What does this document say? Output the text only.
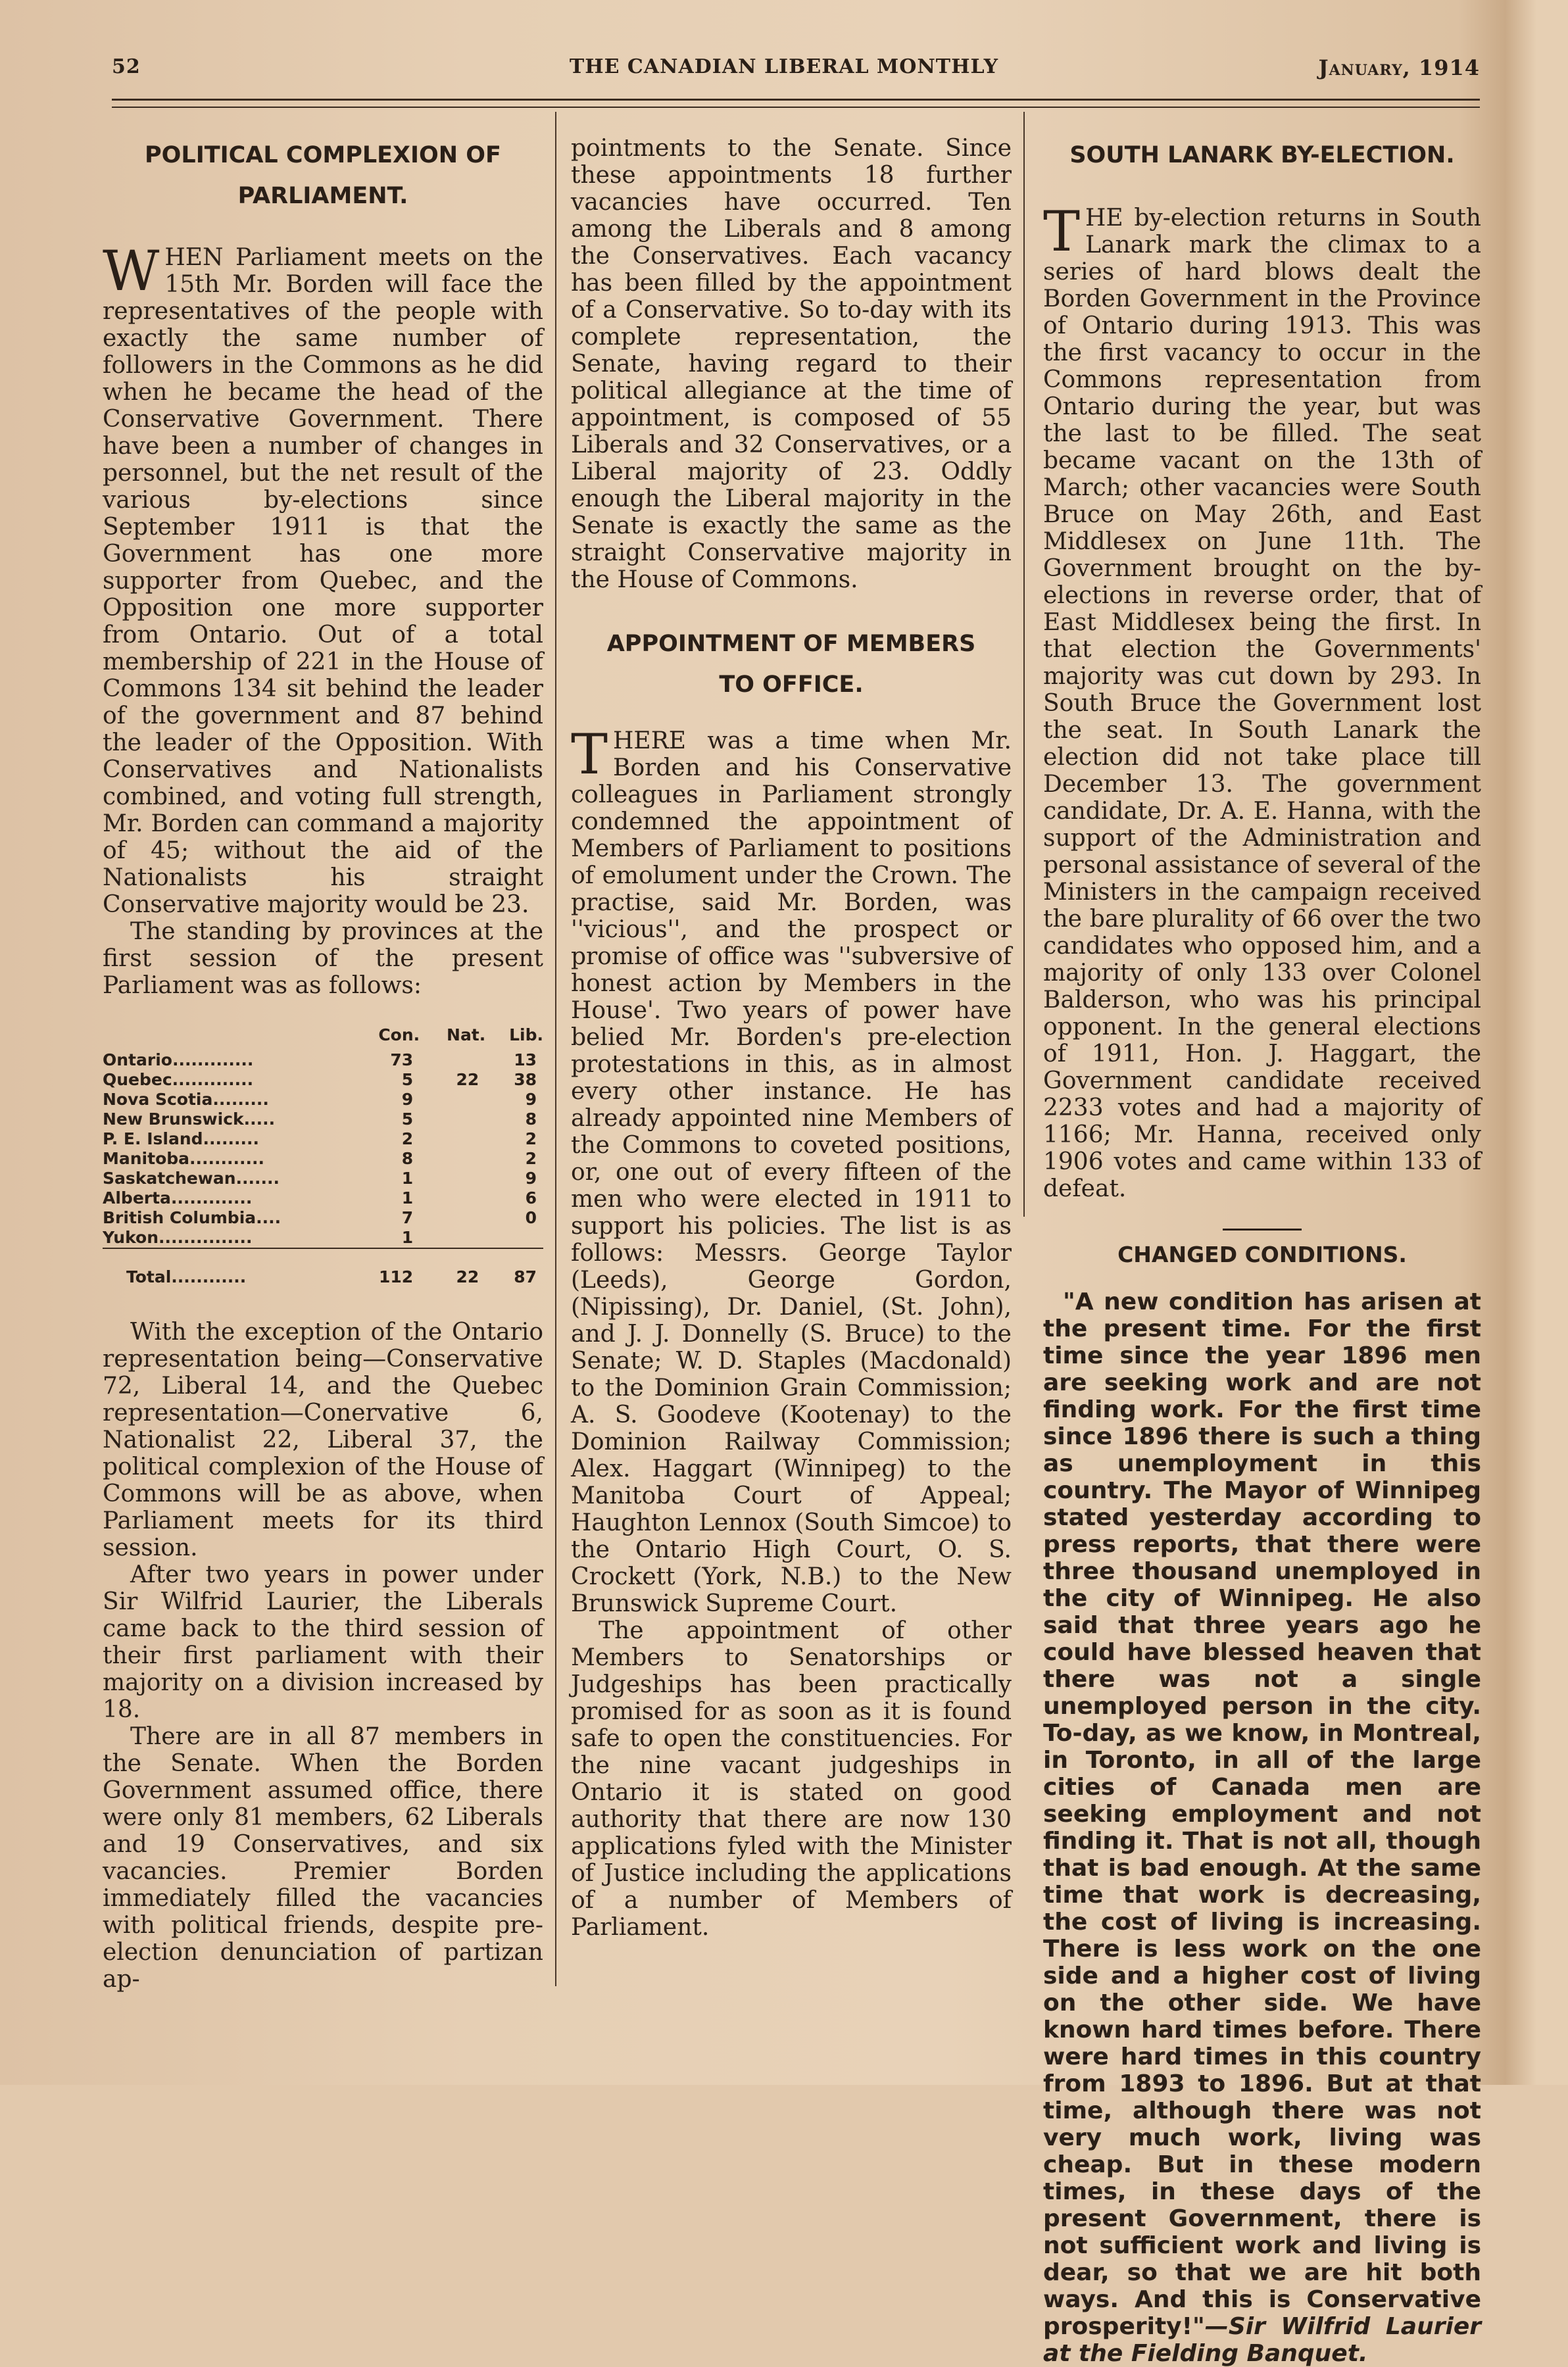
52	THE CANADIAN LIBERAL MONTHLY	January, 1914
POLITICAL COMPLEXION OF PARLIAMENT.

WHEN Parliament meets on the 15th Mr. Borden will face the representatives of the people with exactly the same number of followers in the Commons as he did when he became the head of the Conservative Government. There have been a number of changes in personnel, but the net result of the various by-elections since September 1911 is that the Government has one more supporter from Quebec, and the Opposition one more supporter from Ontario. Out of a total membership of 221 in the House of Commons 134 sit behind the leader of the government and 87 behind the leader of the Opposition. With Conservatives and Nationalists combined, and voting full strength, Mr. Borden can command a majority of 45; without the aid of the Nationalists his straight Conservative majority would be 23.

The standing by provinces at the first session of the present Parliament was as follows:

	Con.	Nat.	Lib.
Ontario.............	73		13
Quebec.............	5	22	38
Nova Scotia.........	9		9
New Brunswick.....	5		8
P. E. Island.........	2		2
Manitoba............	8		2
Saskatchewan.......	1		9
Alberta.............	1		6
British Columbia....	7		0
Yukon...............	1		
Total............	112	22	87

With the exception of the Ontario representation being—Conservative 72, Liberal 14, and the Quebec representation—Conervative 6, Nationalist 22, Liberal 37, the political complexion of the House of Commons will be as above, when Parliament meets for its third session.

After two years in power under Sir Wilfrid Laurier, the Liberals came back to the third session of their first parliament with their majority on a division increased by 18.

There are in all 87 members in the Senate. When the Borden Government assumed office, there were only 81 members, 62 Liberals and 19 Conservatives, and six vacancies. Premier Borden immediately filled the vacancies with political friends, despite pre-election denunciation of partizan ap-

pointments to the Senate. Since these appointments 18 further vacancies have occurred. Ten among the Liberals and 8 among the Conservatives. Each vacancy has been filled by the appointment of a Conservative. So to-day with its complete representation, the Senate, having regard to their political allegiance at the time of appointment, is composed of 55 Liberals and 32 Conservatives, or a Liberal majority of 23. Oddly enough the Liberal majority in the Senate is exactly the same as the straight Conservative majority in the House of Commons.

APPOINTMENT OF MEMBERS
TO OFFICE.

THERE was a time when Mr. Borden and his Conservative colleagues in Parliament strongly condemned the appointment of Members of Parliament to positions of emolument under the Crown. The practise, said Mr. Borden, was ''vicious'', and the prospect or promise of office was ''subversive of honest action by Members in the House'. Two years of power have belied Mr. Borden's pre-election protestations in this, as in almost every other instance. He has already appointed nine Members of the Commons to coveted positions, or, one out of every fifteen of the men who were elected in 1911 to support his policies. The list is as follows: Messrs. George Taylor (Leeds), George Gordon, (Nipissing), Dr. Daniel, (St. John), and J. J. Donnelly (S. Bruce) to the Senate; W. D. Staples (Macdonald) to the Dominion Grain Commission; A. S. Goodeve (Kootenay) to the Dominion Railway Commission; Alex. Haggart (Winnipeg) to the Manitoba Court of Appeal; Haughton Lennox (South Simcoe) to the Ontario High Court, O. S. Crockett (York, N.B.) to the New Brunswick Supreme Court.

The appointment of other Members to Senatorships or Judgeships has been practically promised for as soon as it is found safe to open the constituencies. For the nine vacant judgeships in Ontario it is stated on good authority that there are now 130 applications fyled with the Minister of Justice including the applications of a number of Members of Parliament.

SOUTH LANARK BY-ELECTION.

THE by-election returns in South Lanark mark the climax to a series of hard blows dealt the Borden Government in the Province of Ontario during 1913. This was the first vacancy to occur in the Commons representation from Ontario during the year, but was the last to be filled. The seat became vacant on the 13th of March; other vacancies were South Bruce on May 26th, and East Middlesex on June 11th. The Government brought on the by-elections in reverse order, that of East Middlesex being the first. In that election the Governments' majority was cut down by 293. In South Bruce the Government lost the seat. In South Lanark the election did not take place till December 13. The government candidate, Dr. A. E. Hanna, with the support of the Administration and personal assistance of several of the Ministers in the campaign received the bare plurality of 66 over the two candidates who opposed him, and a majority of only 133 over Colonel Balderson, who was his principal opponent. In the general elections of 1911, Hon. J. Haggart, the Government candidate received 2233 votes and had a majority of 1166; Mr. Hanna, received only 1906 votes and came within 133 of defeat.

CHANGED CONDITIONS.

"A new condition has arisen at the present time. For the first time since the year 1896 men are seeking work and are not finding work. For the first time since 1896 there is such a thing as unemployment in this country. The Mayor of Winnipeg stated yesterday according to press reports, that there were three thousand unemployed in the city of Winnipeg. He also said that three years ago he could have blessed heaven that there was not a single unemployed person in the city. To-day, as we know, in Montreal, in Toronto, in all of the large cities of Canada men are seeking employment and not finding it. That is not all, though that is bad enough. At the same time that work is decreasing, the cost of living is increasing. There is less work on the one side and a higher cost of living on the other side. We have known hard times before. There were hard times in this country from 1893 to 1896. But at that time, although there was not very much work, living was cheap. But in these modern times, in these days of the present Government, there is not sufficient work and living is dear, so that we are hit both ways. And this is Conservative prosperity!"—Sir Wilfrid Laurier at the Fielding Banquet.
